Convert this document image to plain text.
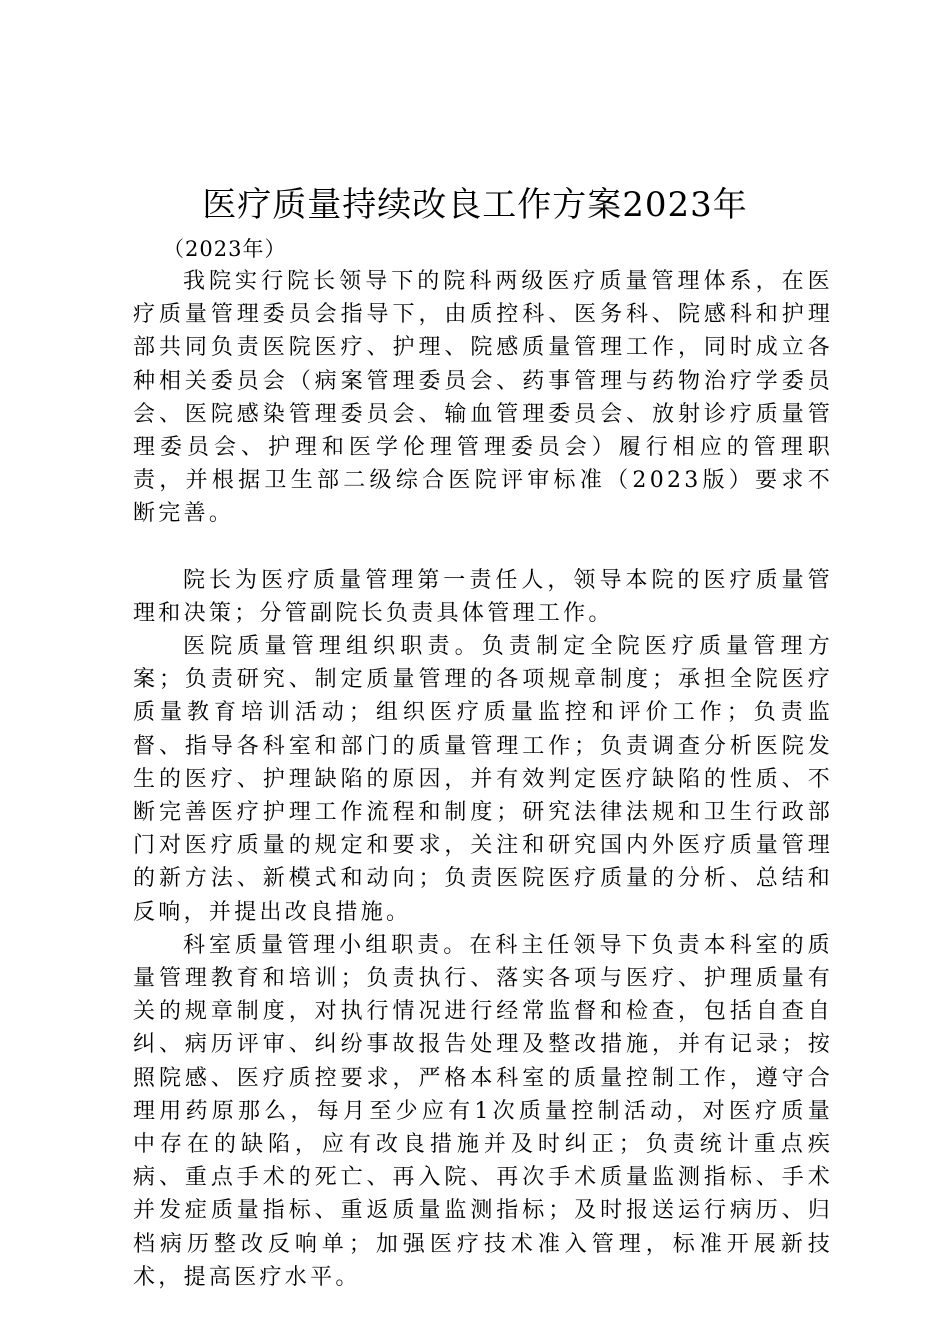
医疗质量持续改良工作方案2023年

（2023年）

我院实行院长领导下的院科两级医疗质量管理体系，在医疗质量管理委员会指导下，由质控科、医务科、院感科和护理部共同负责医院医疗、护理、院感质量管理工作，同时成立各种相关委员会（病案管理委员会、药事管理与药物治疗学委员会、医院感染管理委员会、输血管理委员会、放射诊疗质量管理委员会、护理和医学伦理管理委员会）履行相应的管理职责，并根据卫生部二级综合医院评审标准（2023版）要求不断完善。

院长为医疗质量管理第一责任人，领导本院的医疗质量管理和决策；分管副院长负责具体管理工作。

医院质量管理组织职责。负责制定全院医疗质量管理方案；负责研究、制定质量管理的各项规章制度；承担全院医疗质量教育培训活动；组织医疗质量监控和评价工作；负责监督、指导各科室和部门的质量管理工作；负责调查分析医院发生的医疗、护理缺陷的原因，并有效判定医疗缺陷的性质、不断完善医疗护理工作流程和制度；研究法律法规和卫生行政部门对医疗质量的规定和要求，关注和研究国内外医疗质量管理的新方法、新模式和动向；负责医院医疗质量的分析、总结和反响，并提出改良措施。

科室质量管理小组职责。在科主任领导下负责本科室的质量管理教育和培训；负责执行、落实各项与医疗、护理质量有关的规章制度，对执行情况进行经常监督和检查，包括自查自纠、病历评审、纠纷事故报告处理及整改措施，并有记录；按照院感、医疗质控要求，严格本科室的质量控制工作，遵守合理用药原那么，每月至少应有1次质量控制活动，对医疗质量中存在的缺陷，应有改良措施并及时纠正；负责统计重点疾病、重点手术的死亡、再入院、再次手术质量监测指标、手术并发症质量指标、重返质量监测指标；及时报送运行病历、归档病历整改反响单；加强医疗技术准入管理，标准开展新技术，提高医疗水平。
